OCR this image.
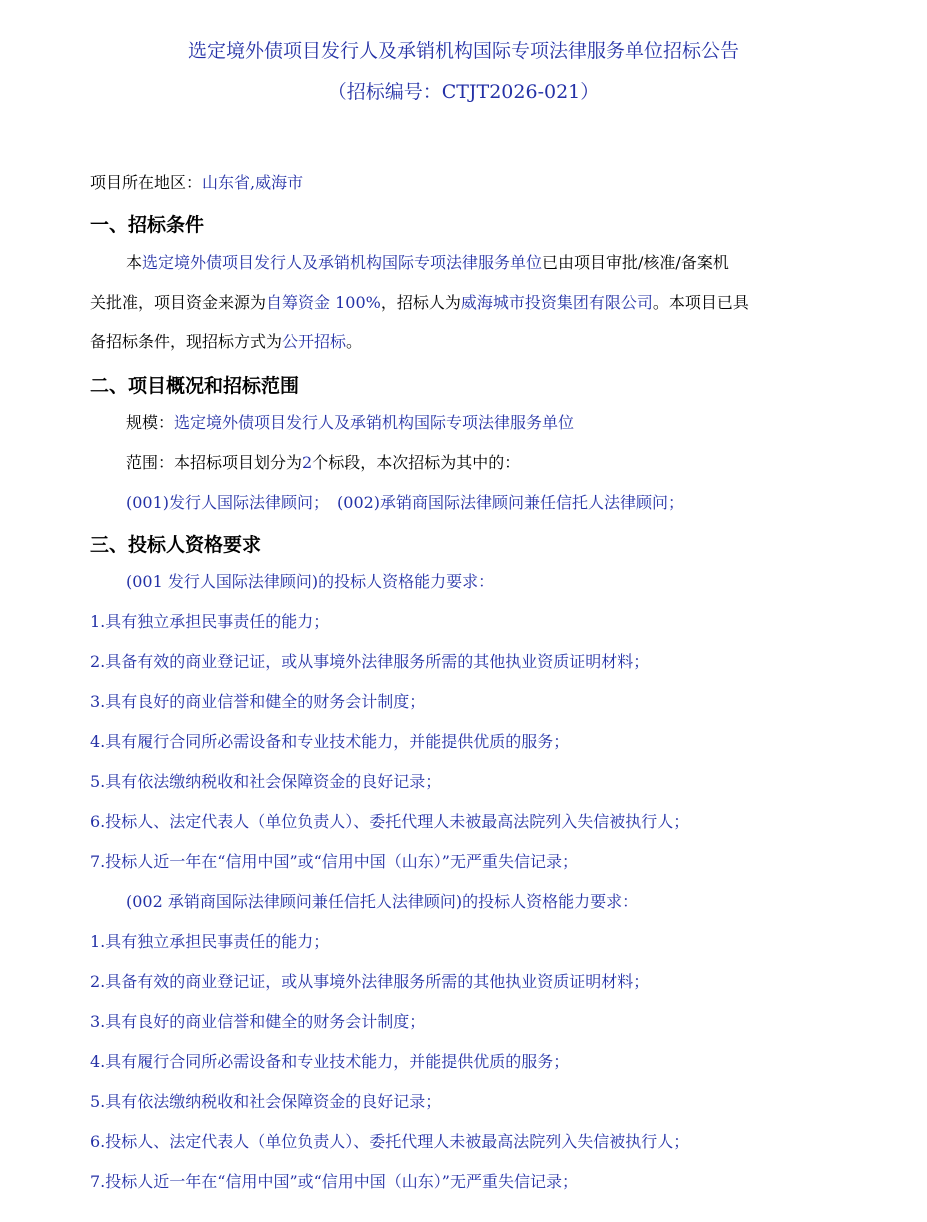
选定境外债项目发行人及承销机构国际专项法律服务单位招标公告
（招标编号：CTJT2026-021）
项目所在地区：山东省,威海市
一、招标条件
本选定境外债项目发行人及承销机构国际专项法律服务单位已由项目审批/核准/备案机
关批准，项目资金来源为自筹资金 100%，招标人为威海城市投资集团有限公司。本项目已具
备招标条件，现招标方式为公开招标。
二、项目概况和招标范围
规模：选定境外债项目发行人及承销机构国际专项法律服务单位
范围：本招标项目划分为2个标段，本次招标为其中的：
(001)发行人国际法律顾问；　(002)承销商国际法律顾问兼任信托人法律顾问；
三、投标人资格要求
(001 发行人国际法律顾问)的投标人资格能力要求：
1.具有独立承担民事责任的能力；
2.具备有效的商业登记证，或从事境外法律服务所需的其他执业资质证明材料；
3.具有良好的商业信誉和健全的财务会计制度；
4.具有履行合同所必需设备和专业技术能力，并能提供优质的服务；
5.具有依法缴纳税收和社会保障资金的良好记录；
6.投标人、法定代表人（单位负责人）、委托代理人未被最高法院列入失信被执行人；
7.投标人近一年在“信用中国”或“信用中国（山东）”无严重失信记录；
(002 承销商国际法律顾问兼任信托人法律顾问)的投标人资格能力要求：
1.具有独立承担民事责任的能力；
2.具备有效的商业登记证，或从事境外法律服务所需的其他执业资质证明材料；
3.具有良好的商业信誉和健全的财务会计制度；
4.具有履行合同所必需设备和专业技术能力，并能提供优质的服务；
5.具有依法缴纳税收和社会保障资金的良好记录；
6.投标人、法定代表人（单位负责人）、委托代理人未被最高法院列入失信被执行人；
7.投标人近一年在“信用中国”或“信用中国（山东）”无严重失信记录；
